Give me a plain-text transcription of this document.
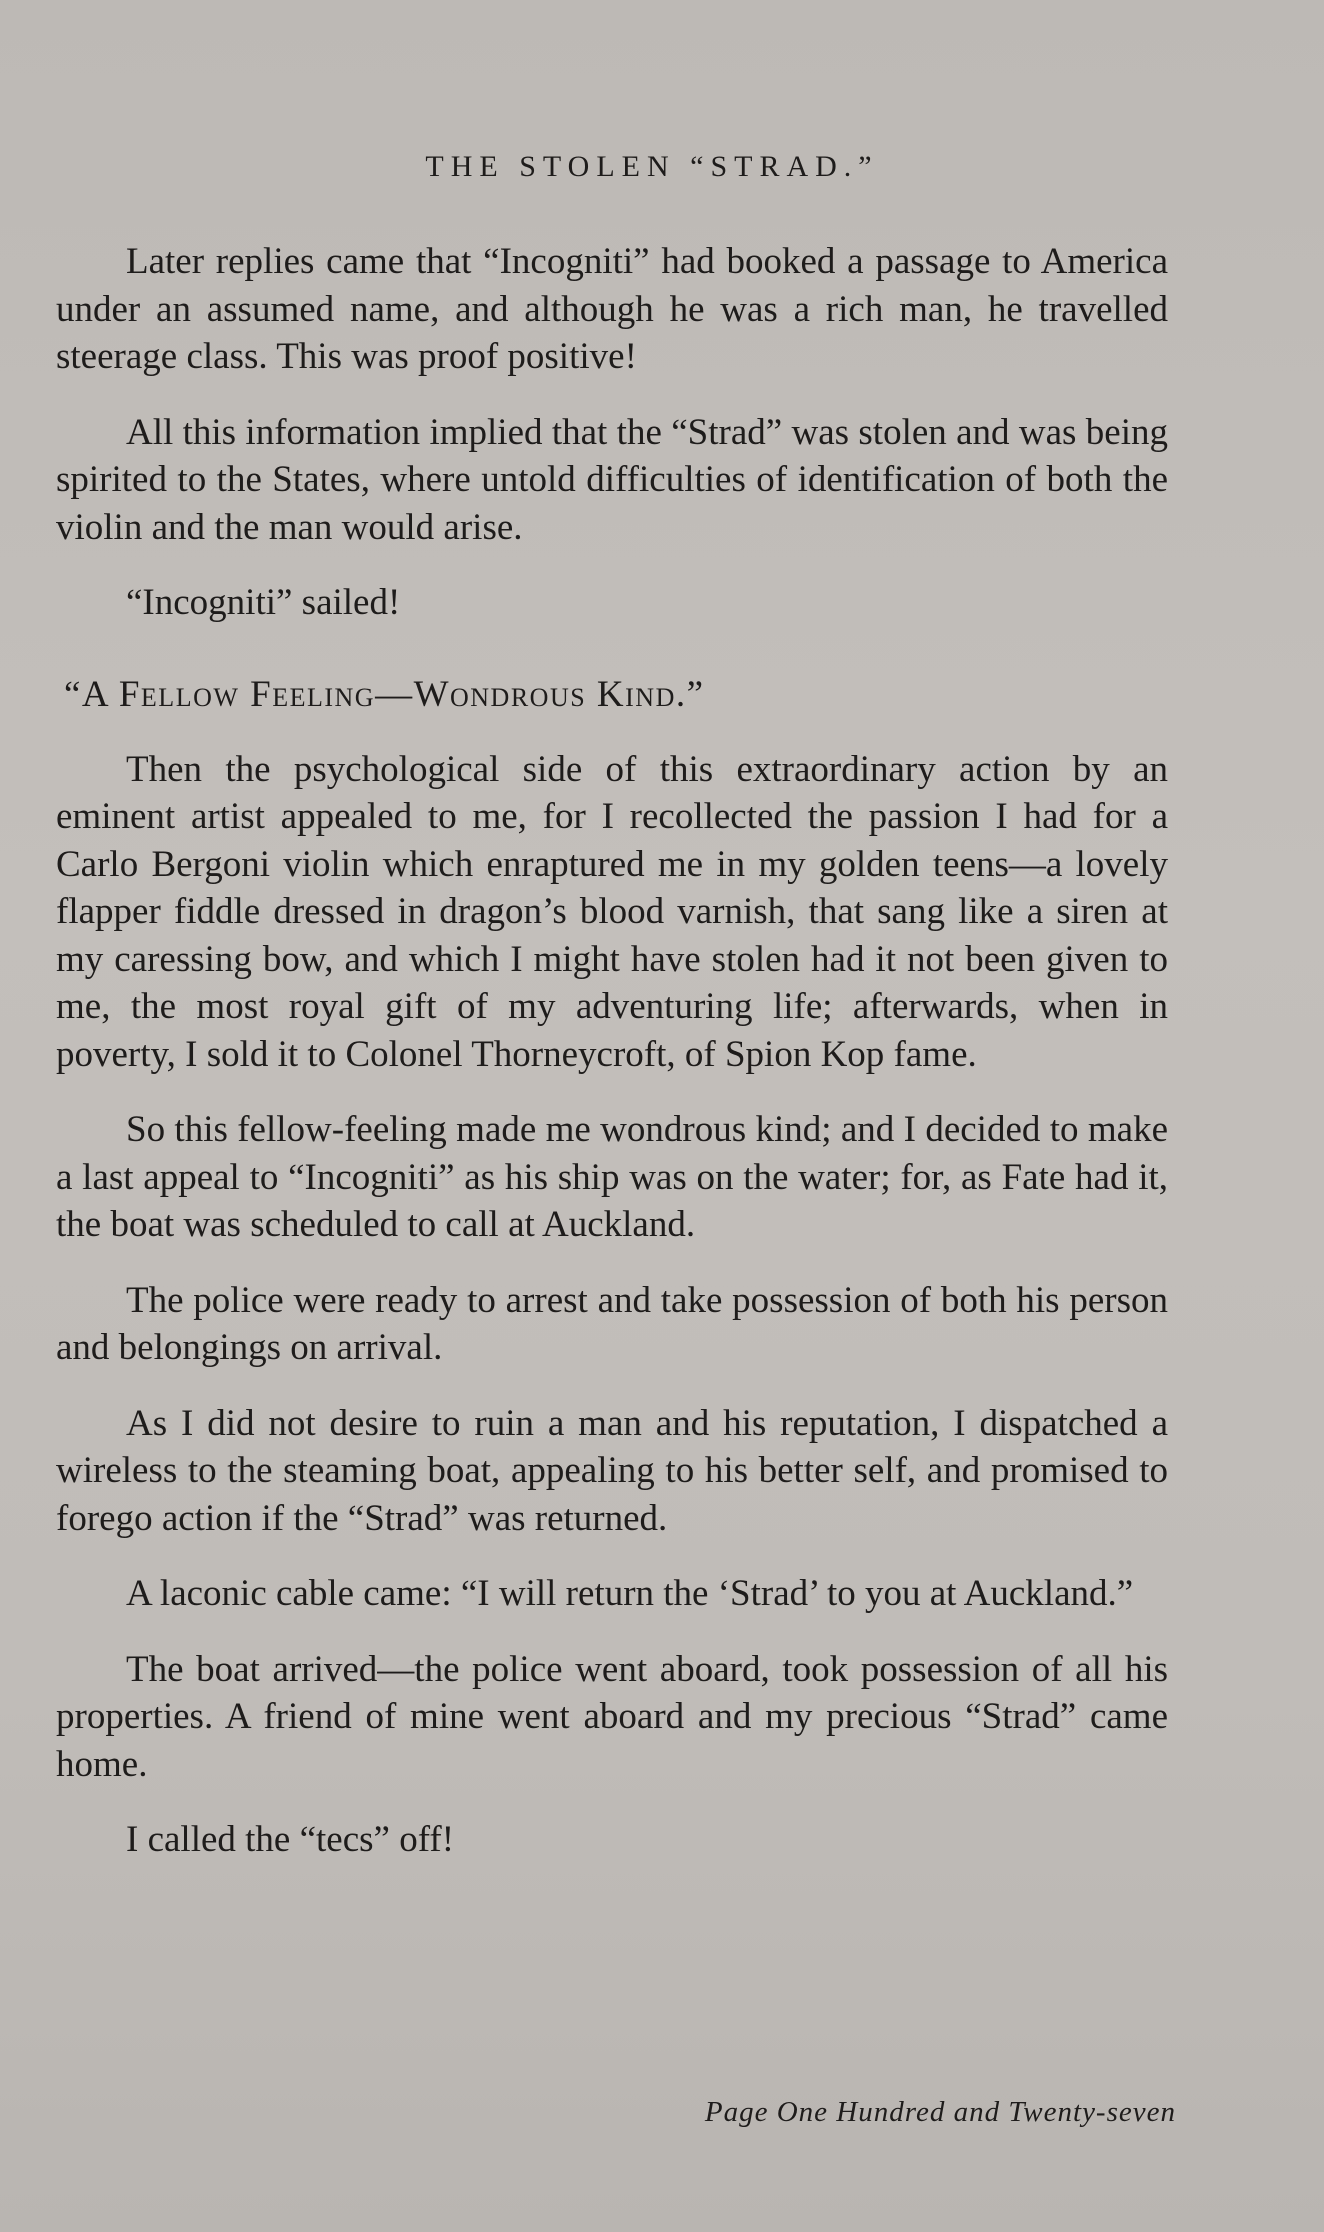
THE STOLEN “STRAD.”

Later replies came that “Incogniti” had booked a passage to America under an assumed name, and although he was a rich man, he travelled steerage class. This was proof positive!

All this information implied that the “Strad” was stolen and was being spirited to the States, where untold difficulties of identification of both the violin and the man would arise.

“Incogniti” sailed!

“A Fellow Feeling—Wondrous Kind.”

Then the psychological side of this extraordinary action by an eminent artist appealed to me, for I recollected the passion I had for a Carlo Bergoni violin which enraptured me in my golden teens—a lovely flapper fiddle dressed in dragon’s blood varnish, that sang like a siren at my caressing bow, and which I might have stolen had it not been given to me, the most royal gift of my adventuring life; afterwards, when in poverty, I sold it to Colonel Thorneycroft, of Spion Kop fame.

So this fellow-feeling made me wondrous kind; and I decided to make a last appeal to “Incogniti” as his ship was on the water; for, as Fate had it, the boat was scheduled to call at Auckland.

The police were ready to arrest and take possession of both his person and belongings on arrival.

As I did not desire to ruin a man and his reputation, I dispatched a wireless to the steaming boat, appealing to his better self, and promised to forego action if the “Strad” was returned.

A laconic cable came: “I will return the ‘Strad’ to you at Auckland.”

The boat arrived—the police went aboard, took possession of all his properties. A friend of mine went aboard and my precious “Strad” came home.

I called the “tecs” off!

Page One Hundred and Twenty-seven
